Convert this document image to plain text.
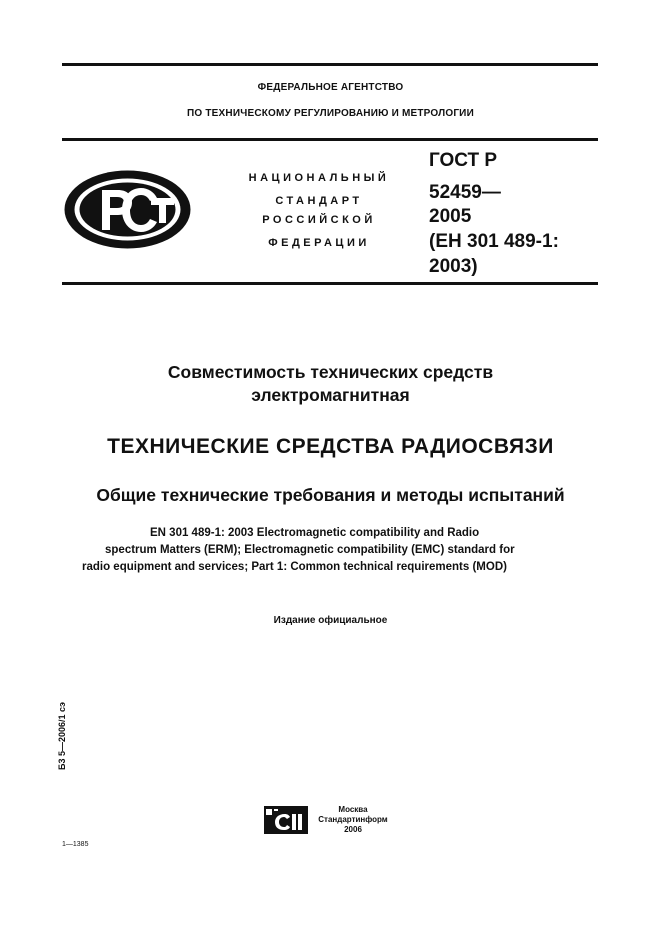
ФЕДЕРАЛЬНОЕ АГЕНТСТВО
ПО ТЕХНИЧЕСКОМУ РЕГУЛИРОВАНИЮ И МЕТРОЛОГИИ
НАЦИОНАЛЬНЫЙ
СТАНДАРТ
РОССИЙСКОЙ
ФЕДЕРАЦИИ
ГОСТ Р
52459—
2005
(ЕН 301 489-1:
2003)
Совместимость технических средств
электромагнитная
ТЕХНИЧЕСКИЕ СРЕДСТВА РАДИОСВЯЗИ
Общие технические требования и методы испытаний
EN 301 489-1: 2003 Electromagnetic compatibility and Radio
spectrum Matters (ERM); Electromagnetic compatibility (EMC) standard for
radio equipment and services; Part 1: Common technical requirements (MOD)
Издание официальное
Б3 5—2006/1 сэ
Москва
Стандартинформ
2006
1—1385
